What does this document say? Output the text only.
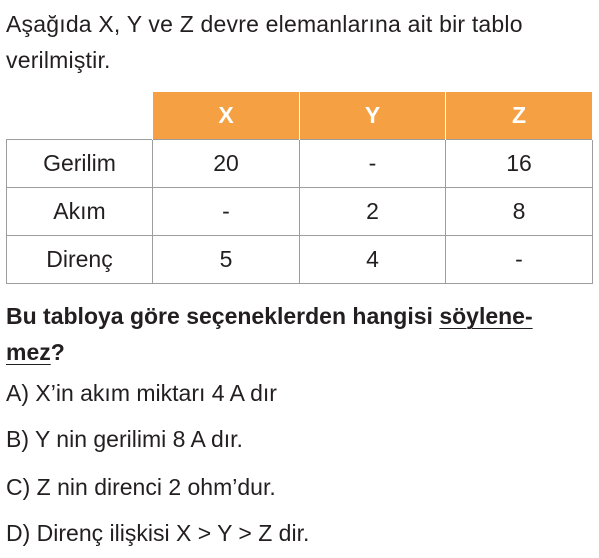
Aşağıda X, Y ve Z devre elemanlarına ait bir tablo
verilmiştir.
	X	Y	Z
Gerilim	20	-	16
Akım	-	2	8
Direnç	5	4	-
Bu tabloya göre seçeneklerden hangisi söylene-
mez?
A) X’in akım miktarı 4 A dır
B) Y nin gerilimi 8 A dır.
C) Z nin direnci 2 ohm’dur.
D) Direnç ilişkisi X > Y > Z dir.
